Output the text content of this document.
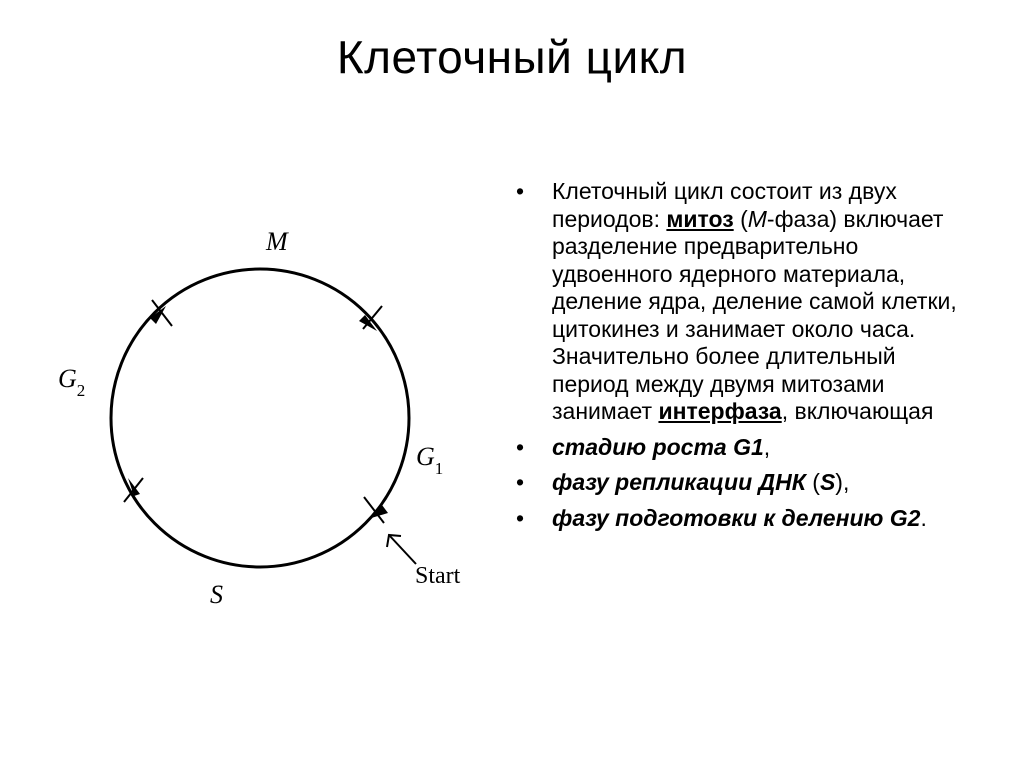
Клеточный цикл
M
$G_2$
$G_1$
S
Start
• Клеточный цикл состоит из двух периодов: митоз (М-фаза) включает разделение предварительно удвоенного ядерного материала, деление ядра, деление самой клетки, цитокинез и занимает около часа. Значительно более длительный период между двумя митозами занимает интерфаза, включающая
• стадию роста G1,
• фазу репликации ДНК (S),
• фазу подготовки к делению G2.
